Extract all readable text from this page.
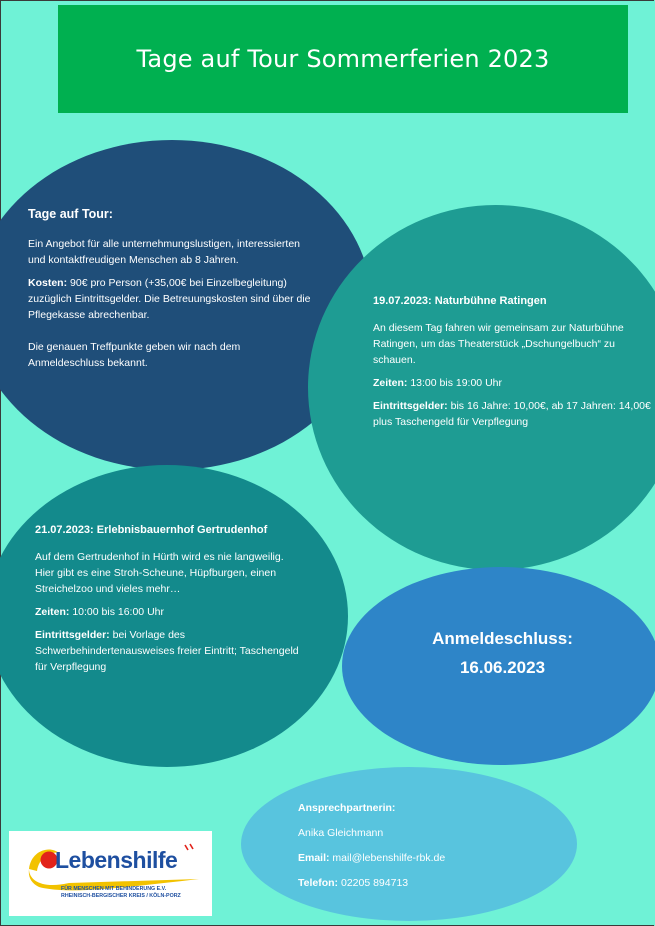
Tage auf Tour Sommerferien 2023

Tage auf Tour:

Ein Angebot für alle unternehmungslustigen, interessierten und kontaktfreudigen Menschen ab 8 Jahren.

Kosten: 90€ pro Person (+35,00€ bei Einzelbegleitung) zuzüglich Eintrittsgelder. Die Betreuungskosten sind über die Pflegekasse abrechenbar.

Die genauen Treffpunkte geben wir nach dem Anmeldeschluss bekannt.

19.07.2023: Naturbühne Ratingen

An diesem Tag fahren wir gemeinsam zur Naturbühne Ratingen, um das Theaterstück „Dschungelbuch“ zu schauen.

Zeiten: 13:00 bis 19:00 Uhr

Eintrittsgelder: bis 16 Jahre: 10,00€, ab 17 Jahren: 14,00€ plus Taschengeld für Verpflegung

21.07.2023: Erlebnisbauernhof Gertrudenhof

Auf dem Gertrudenhof in Hürth wird es nie langweilig. Hier gibt es eine Stroh-Scheune, Hüpfburgen, einen Streichelzoo und vieles mehr…

Zeiten: 10:00 bis 16:00 Uhr

Eintrittsgelder: bei Vorlage des Schwerbehindertenausweises freier Eintritt; Taschengeld für Verpflegung

Anmeldeschluss:
16.06.2023

Ansprechpartnerin:

Anika Gleichmann

Email: mail@lebenshilfe-rbk.de

Telefon: 02205 894713

Lebenshilfe
FÜR MENSCHEN MIT BEHINDERUNG E.V.
RHEINISCH-BERGISCHER KREIS / KÖLN-PORZ
